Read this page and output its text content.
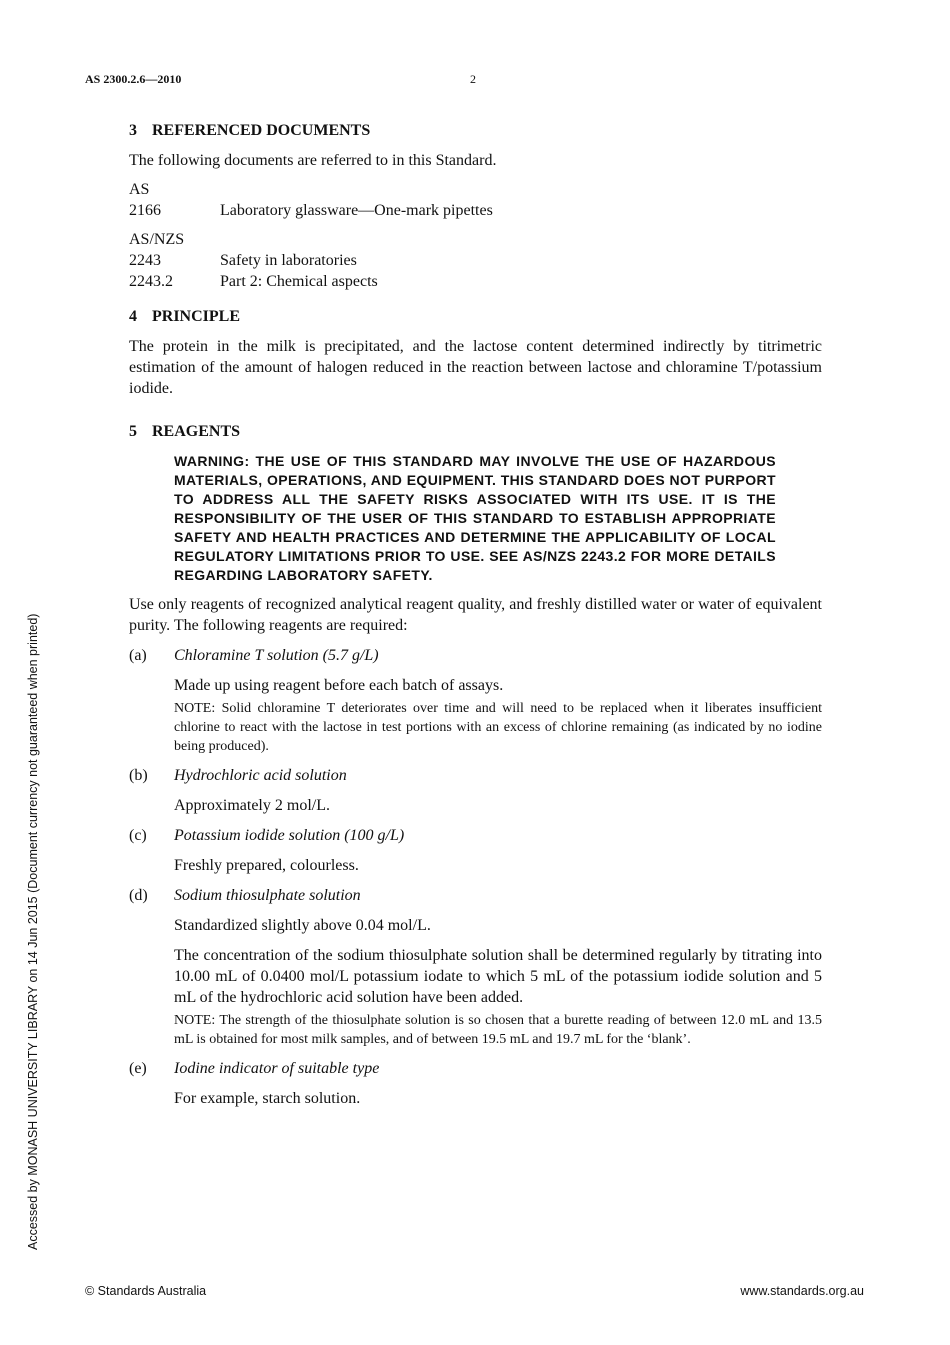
AS 2300.2.6—2010	2
Accessed by MONASH UNIVERSITY LIBRARY on 14 Jun 2015 (Document currency not guaranteed when printed)
3 REFERENCED DOCUMENTS

The following documents are referred to in this Standard.

AS
2166	Laboratory glassware—One-mark pipettes
AS/NZS
2243	Safety in laboratories
2243.2	Part 2: Chemical aspects
4 PRINCIPLE

The protein in the milk is precipitated, and the lactose content determined indirectly by titrimetric estimation of the amount of halogen reduced in the reaction between lactose and chloramine T/potassium iodide.

5 REAGENTS
WARNING: THE USE OF THIS STANDARD MAY INVOLVE THE USE OF HAZARDOUS MATERIALS, OPERATIONS, AND EQUIPMENT. THIS STANDARD DOES NOT PURPORT TO ADDRESS ALL THE SAFETY RISKS ASSOCIATED WITH ITS USE. IT IS THE RESPONSIBILITY OF THE USER OF THIS STANDARD TO ESTABLISH APPROPRIATE SAFETY AND HEALTH PRACTICES AND DETERMINE THE APPLICABILITY OF LOCAL REGULATORY LIMITATIONS PRIOR TO USE. SEE AS/NZS 2243.2 FOR MORE DETAILS REGARDING LABORATORY SAFETY.

Use only reagents of recognized analytical reagent quality, and freshly distilled water or water of equivalent purity. The following reagents are required:

(a)	Chloramine T solution (5.7 g/L)

Made up using reagent before each batch of assays.

NOTE: Solid chloramine T deteriorates over time and will need to be replaced when it liberates insufficient chlorine to react with the lactose in test portions with an excess of chlorine remaining (as indicated by no iodine being produced).

(b)	Hydrochloric acid solution

Approximately 2 mol/L.

(c)	Potassium iodide solution (100 g/L)

Freshly prepared, colourless.

(d)	Sodium thiosulphate solution

Standardized slightly above 0.04 mol/L.

The concentration of the sodium thiosulphate solution shall be determined regularly by titrating into 10.00 mL of 0.0400 mol/L potassium iodate to which 5 mL of the potassium iodide solution and 5 mL of the hydrochloric acid solution have been added.

NOTE: The strength of the thiosulphate solution is so chosen that a burette reading of between 12.0 mL and 13.5 mL is obtained for most milk samples, and of between 19.5 mL and 19.7 mL for the ‘blank’.

(e)	Iodine indicator of suitable type

For example, starch solution.

© Standards Australia	www.standards.org.au
